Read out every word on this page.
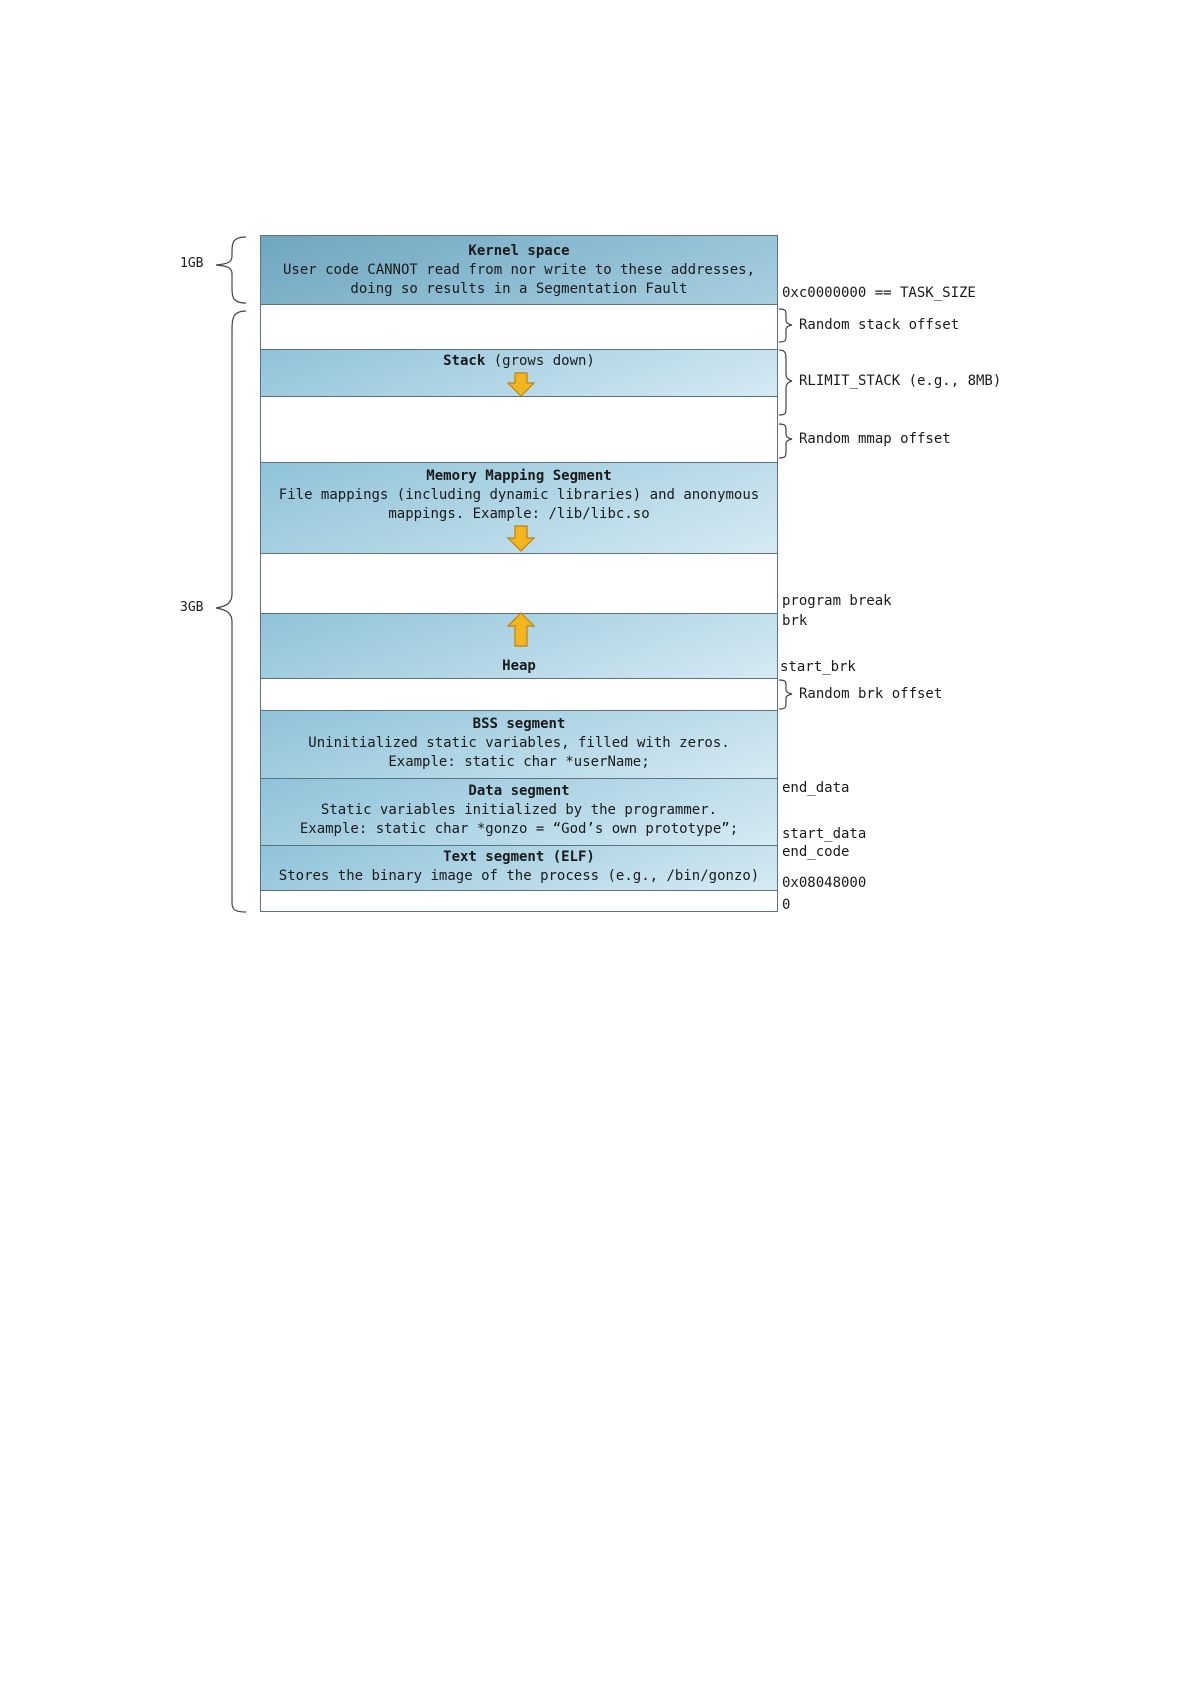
Kernel space
User code CANNOT read from nor write to these addresses,
doing so results in a Segmentation Fault
Stack (grows down)
Memory Mapping Segment
File mappings (including dynamic libraries) and anonymous
mappings. Example: /lib/libc.so
Heap
BSS segment
Uninitialized static variables, filled with zeros.
Example: static char *userName;
Data segment
Static variables initialized by the programmer.
Example: static char *gonzo = “God’s own prototype”;
Text segment (ELF)
Stores the binary image of the process (e.g., /bin/gonzo)
1GB
3GB
0xc0000000 == TASK_SIZE
Random stack offset
RLIMIT_STACK (e.g., 8MB)
Random mmap offset
program break
brk
start_brk
Random brk offset
end_data
start_data
end_code
0x08048000
0
